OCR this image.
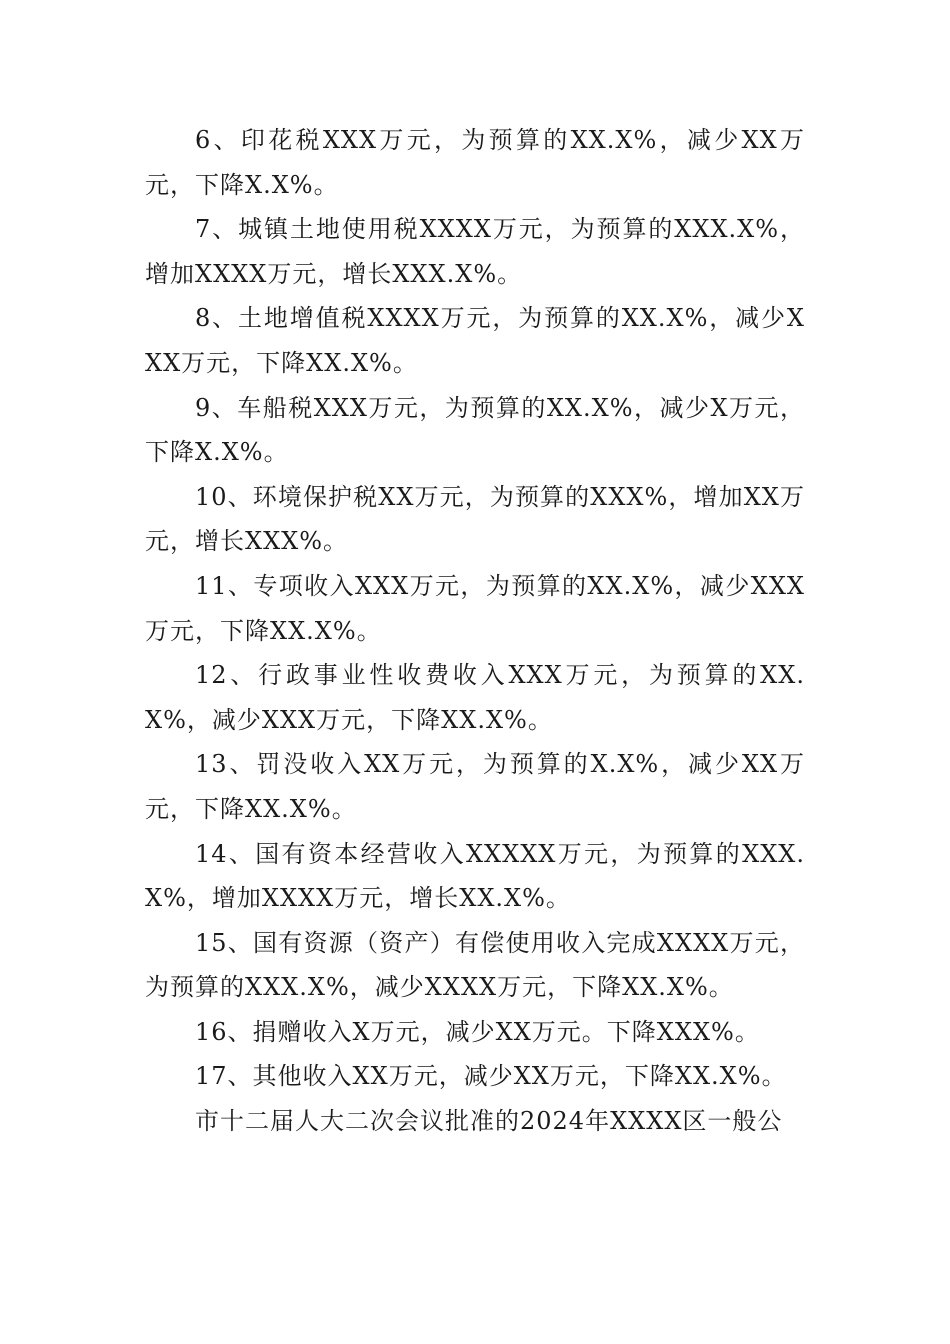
6、印花税XXX万元，为预算的XX.X%，减少XX万元，下降X.X%。

7、城镇土地使用税XXXX万元，为预算的XXX.X%，增加XXXX万元，增长XXX.X%。

8、土地增值税XXXX万元，为预算的XX.X%，减少XXX万元，下降XX.X%。

9、车船税XXX万元，为预算的XX.X%，减少X万元，下降X.X%。

10、环境保护税XX万元，为预算的XXX%，增加XX万元，增长XXX%。

11、专项收入XXX万元，为预算的XX.X%，减少XXX万元，下降XX.X%。

12、行政事业性收费收入XXX万元，为预算的XX.X%，减少XXX万元，下降XX.X%。

13、罚没收入XX万元，为预算的X.X%，减少XX万元，下降XX.X%。

14、国有资本经营收入XXXXX万元，为预算的XXX.X%，增加XXXX万元，增长XX.X%。

15、国有资源（资产）有偿使用收入完成XXXX万元，为预算的XXX.X%，减少XXXX万元，下降XX.X%。

16、捐赠收入X万元，减少XX万元。下降XXX%。

17、其他收入XX万元，减少XX万元，下降XX.X%。

市十二届人大二次会议批准的2024年XXXX区一般公
